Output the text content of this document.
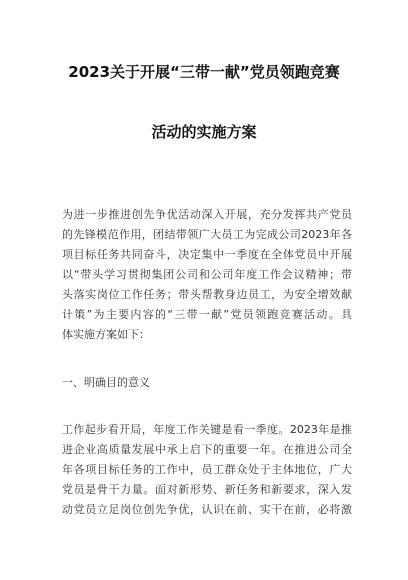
2023关于开展“三带一献”党员领跑竞赛
活动的实施方案
为进一步推进创先争优活动深入开展，充分发挥共产党员
的先锋模范作用，团结带领广大员工为完成公司2023年各
项目标任务共同奋斗，决定集中一季度在全体党员中开展
以“带头学习贯彻集团公司和公司年度工作会议精神；带
头落实岗位工作任务；带头帮教身边员工，为安全增效献
计策”为主要内容的“三带一献”党员领跑竞赛活动。具
体实施方案如下：
一、明确目的意义
工作起步看开局，年度工作关键是看一季度。2023年是推
进企业高质量发展中承上启下的重要一年。在推进公司全
年各项目标任务的工作中，员工群众处于主体地位，广大
党员是骨干力量。面对新形势、新任务和新要求，深入发
动党员立足岗位创先争优，认识在前、实干在前，必将激
